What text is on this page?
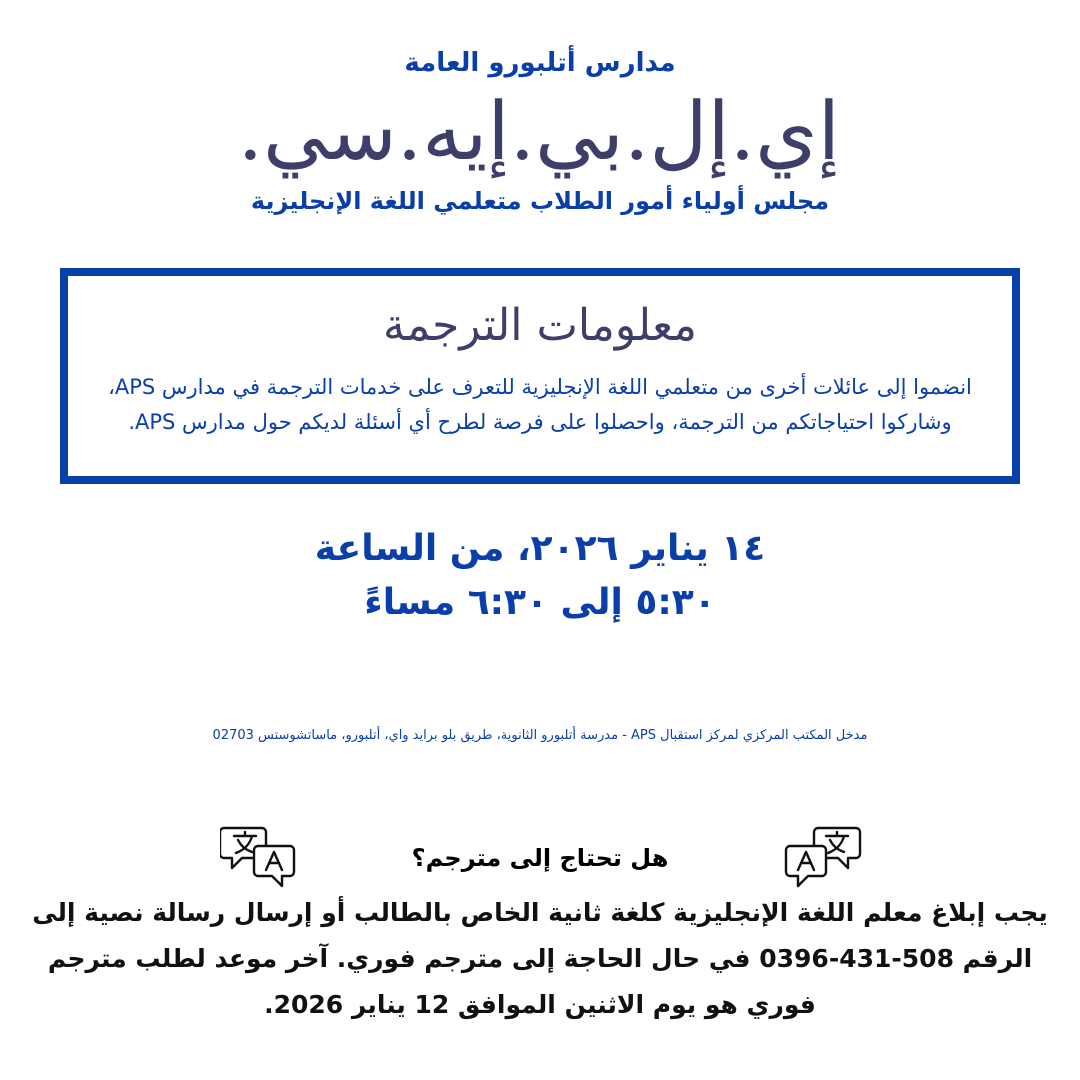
مدارس أتلبورو العامة
إي.إل.بي.إيه.سي.
مجلس أولياء أمور الطلاب متعلمي اللغة الإنجليزية
معلومات الترجمة
انضموا إلى عائلات أخرى من متعلمي اللغة الإنجليزية للتعرف على خدمات الترجمة في مدارس APS، وشاركوا احتياجاتكم من الترجمة، واحصلوا على فرصة لطرح أي أسئلة لديكم حول مدارس APS.
١٤ يناير ٢٠٢٦، من الساعة ٥:٣٠ إلى ٦:٣٠ مساءً
مدخل المكتب المركزي لمركز استقبال APS - مدرسة أتلبورو الثانوية، طريق بلو برايد واي، أتلبورو، ماساتشوستس 02703
هل تحتاج إلى مترجم؟
يجب إبلاغ معلم اللغة الإنجليزية كلغة ثانية الخاص بالطالب أو إرسال رسالة نصية إلى الرقم 508-431-0396 في حال الحاجة إلى مترجم فوري. آخر موعد لطلب مترجم فوري هو يوم الاثنين الموافق 12 يناير 2026.
